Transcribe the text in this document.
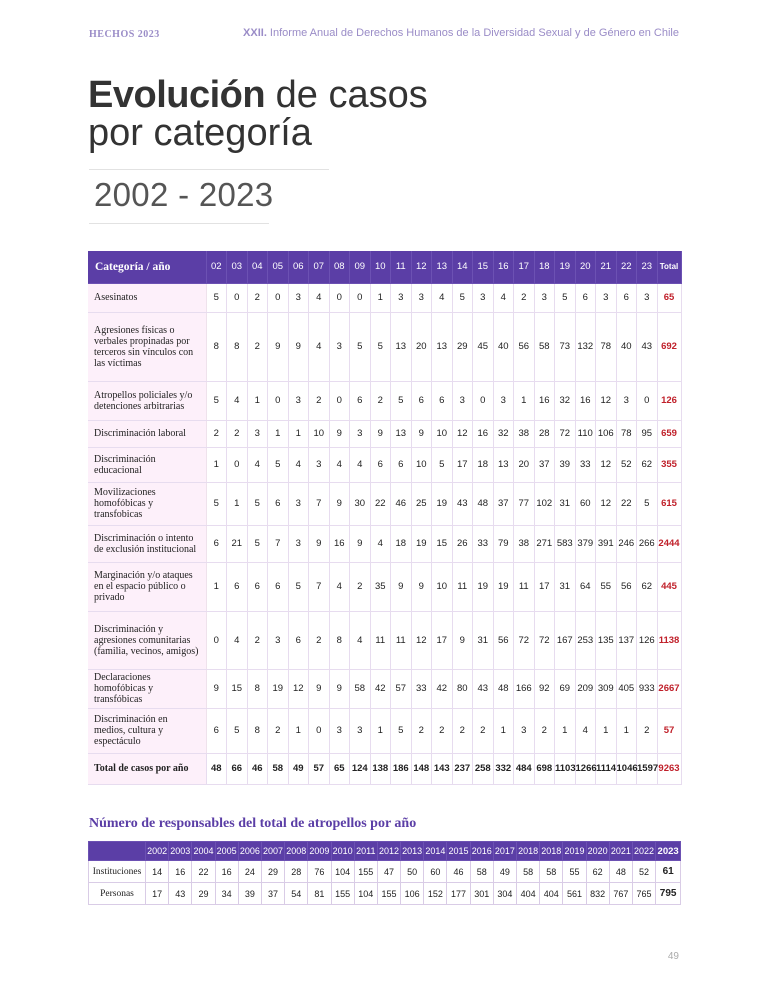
HECHOS 2023	XXII. Informe Anual de Derechos Humanos de la Diversidad Sexual y de Género en Chile
Evolución de casos
por categoría
2002 - 2023
Categoría / año	02	03	04	05	06	07	08	09	10	11	12	13	14	15	16	17	18	19	20	21	22	23	Total
Asesinatos	5	0	2	0	3	4	0	0	1	3	3	4	5	3	4	2	3	5	6	3	6	3	65
Agresiones físicas o verbales propinadas por terceros sin vínculos con las víctimas	8	8	2	9	9	4	3	5	5	13	20	13	29	45	40	56	58	73	132	78	40	43	692
Atropellos policiales y/o detenciones arbitrarias	5	4	1	0	3	2	0	6	2	5	6	6	3	0	3	1	16	32	16	12	3	0	126
Discriminación laboral	2	2	3	1	1	10	9	3	9	13	9	10	12	16	32	38	28	72	110	106	78	95	659
Discriminación educacional	1	0	4	5	4	3	4	4	6	6	10	5	17	18	13	20	37	39	33	12	52	62	355
Movilizaciones homofóbicas y transfobicas	5	1	5	6	3	7	9	30	22	46	25	19	43	48	37	77	102	31	60	12	22	5	615
Discriminación o intento de exclusión institucional	6	21	5	7	3	9	16	9	4	18	19	15	26	33	79	38	271	583	379	391	246	266	2444
Marginación y/o ataques en el espacio público o privado	1	6	6	6	5	7	4	2	35	9	9	10	11	19	19	11	17	31	64	55	56	62	445
Discriminación y agresiones comunitarias (familia, vecinos, amigos)	0	4	2	3	6	2	8	4	11	11	12	17	9	31	56	72	72	167	253	135	137	126	1138
Declaraciones homofóbicas y transfóbicas	9	15	8	19	12	9	9	58	42	57	33	42	80	43	48	166	92	69	209	309	405	933	2667
Discriminación en medios, cultura y espectáculo	6	5	8	2	1	0	3	3	1	5	2	2	2	2	1	3	2	1	4	1	1	2	57
Total de casos por año	48	66	46	58	49	57	65	124	138	186	148	143	237	258	332	484	698	1103	1266	1114	1046	1597	9263
Número de responsables del total de atropellos por año
	2002	2003	2004	2005	2006	2007	2008	2009	2010	2011	2012	2013	2014	2015	2016	2017	2018	2018	2019	2020	2021	2022	2023
Instituciones	14	16	22	16	24	29	28	76	104	155	47	50	60	46	58	49	58	58	55	62	48	52	61
Personas	17	43	29	34	39	37	54	81	155	104	155	106	152	177	301	304	404	404	561	832	767	765	795
49
